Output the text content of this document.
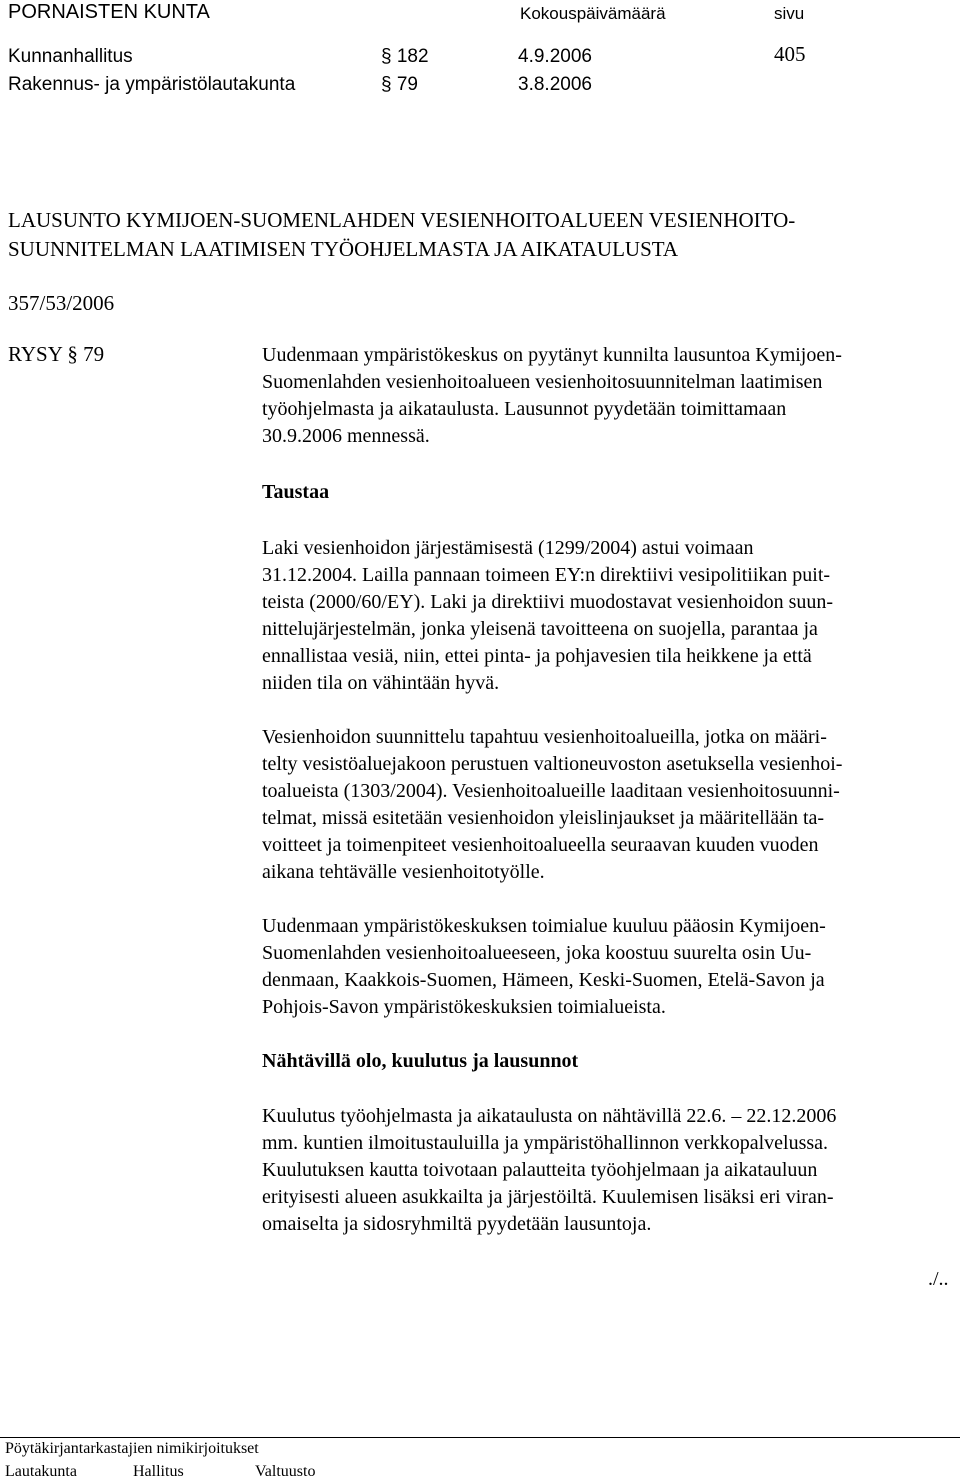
PORNAISTEN KUNTA	Kokouspäivämäärä	sivu
405
Kunnanhallitus	§ 182	4.9.2006
Rakennus- ja ympäristölautakunta	§ 79	3.8.2006
LAUSUNTO KYMIJOEN-SUOMENLAHDEN VESIENHOITOALUEEN VESIENHOITO-
SUUNNITELMAN LAATIMISEN TYÖOHJELMASTA JA AIKATAULUSTA
357/53/2006
RYSY § 79	Uudenmaan ympäristökeskus on pyytänyt kunnilta lausuntoa Kymijoen-
Suomenlahden vesienhoitoalueen vesienhoitosuunnitelman laatimisen
työohjelmasta ja aikataulusta. Lausunnot pyydetään toimittamaan
30.9.2006 mennessä.
Taustaa
Laki vesienhoidon järjestämisestä (1299/2004) astui voimaan
31.12.2004. Lailla pannaan toimeen EY:n direktiivi vesipolitiikan puit-
teista (2000/60/EY). Laki ja direktiivi muodostavat vesienhoidon suun-
nittelujärjestelmän, jonka yleisenä tavoitteena on suojella, parantaa ja
ennallistaa vesiä, niin, ettei pinta- ja pohjavesien tila heikkene ja että
niiden tila on vähintään hyvä.
Vesienhoidon suunnittelu tapahtuu vesienhoitoalueilla, jotka on määri-
telty vesistöaluejakoon perustuen valtioneuvoston asetuksella vesienhoi-
toalueista (1303/2004). Vesienhoitoalueille laaditaan vesienhoitosuunni-
telmat, missä esitetään vesienhoidon yleislinjaukset ja määritellään ta-
voitteet ja toimenpiteet vesienhoitoalueella seuraavan kuuden vuoden
aikana tehtävälle vesienhoitotyölle.
Uudenmaan ympäristökeskuksen toimialue kuuluu pääosin Kymijoen-
Suomenlahden vesienhoitoalueeseen, joka koostuu suurelta osin Uu-
denmaan, Kaakkois-Suomen, Hämeen, Keski-Suomen, Etelä-Savon ja
Pohjois-Savon ympäristökeskuksien toimialueista.
Nähtävillä olo, kuulutus ja lausunnot
Kuulutus työohjelmasta ja aikataulusta on nähtävillä 22.6. – 22.12.2006
mm. kuntien ilmoitustauluilla ja ympäristöhallinnon verkkopalvelussa.
Kuulutuksen kautta toivotaan palautteita työohjelmaan ja aikatauluun
erityisesti alueen asukkailta ja järjestöiltä. Kuulemisen lisäksi eri viran-
omaiselta ja sidosryhmiltä pyydetään lausuntoja.
./..
Pöytäkirjantarkastajien nimikirjoitukset
Lautakunta	Hallitus	Valtuusto
